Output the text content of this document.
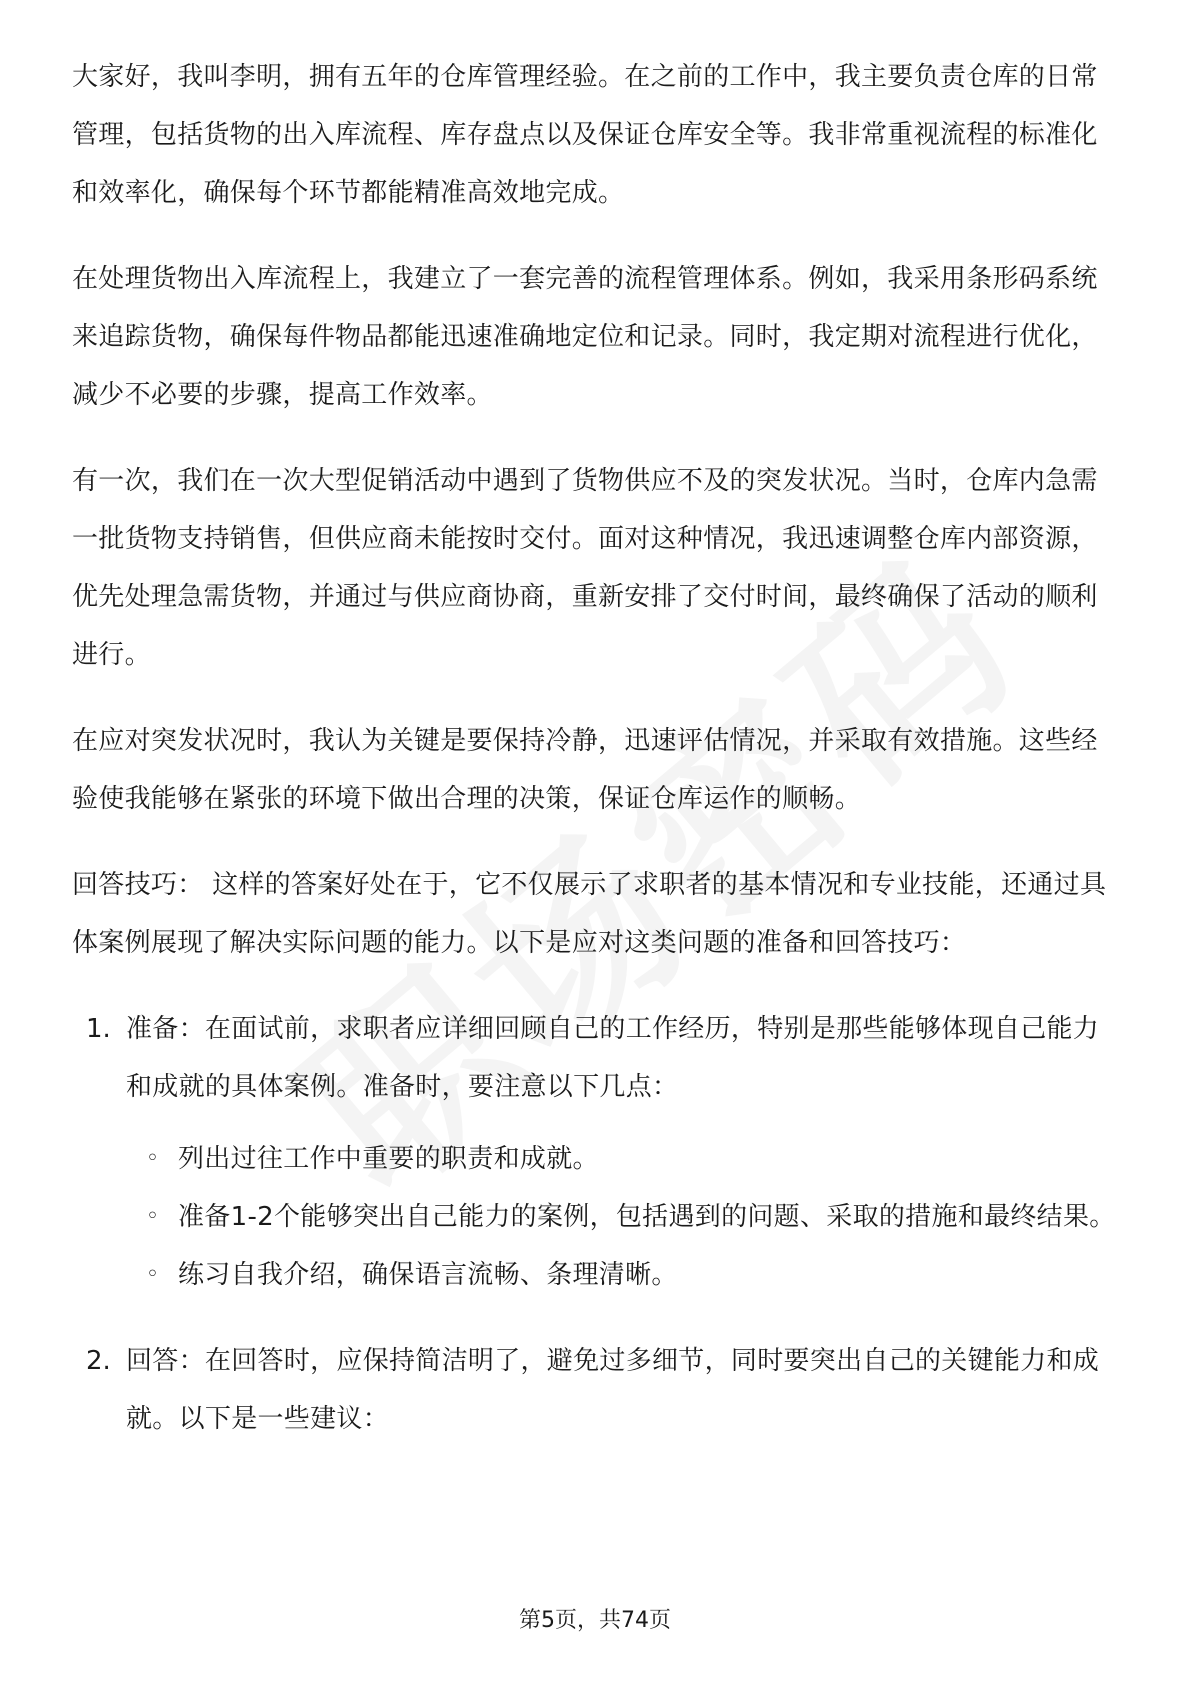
大家好，我叫李明，拥有五年的仓库管理经验。在之前的工作中，我主要负责仓库的日常管理，包括货物的出入库流程、库存盘点以及保证仓库安全等。我非常重视流程的标准化和效率化，确保每个环节都能精准高效地完成。

在处理货物出入库流程上，我建立了一套完善的流程管理体系。例如，我采用条形码系统来追踪货物，确保每件物品都能迅速准确地定位和记录。同时，我定期对流程进行优化，减少不必要的步骤，提高工作效率。

有一次，我们在一次大型促销活动中遇到了货物供应不及的突发状况。当时，仓库内急需一批货物支持销售，但供应商未能按时交付。面对这种情况，我迅速调整仓库内部资源，优先处理急需货物，并通过与供应商协商，重新安排了交付时间，最终确保了活动的顺利进行。

在应对突发状况时，我认为关键是要保持冷静，迅速评估情况，并采取有效措施。这些经验使我能够在紧张的环境下做出合理的决策，保证仓库运作的顺畅。

回答技巧： 这样的答案好处在于，它不仅展示了求职者的基本情况和专业技能，还通过具体案例展现了解决实际问题的能力。以下是应对这类问题的准备和回答技巧：

1. 准备：在面试前，求职者应详细回顾自己的工作经历，特别是那些能够体现自己能力和成就的具体案例。准备时，要注意以下几点：

◦ 列出过往工作中重要的职责和成就。
◦ 准备1-2个能够突出自己能力的案例，包括遇到的问题、采取的措施和最终结果。
◦ 练习自我介绍，确保语言流畅、条理清晰。
2. 回答：在回答时，应保持简洁明了，避免过多细节，同时要突出自己的关键能力和成就。以下是一些建议：

第5页，共74页
